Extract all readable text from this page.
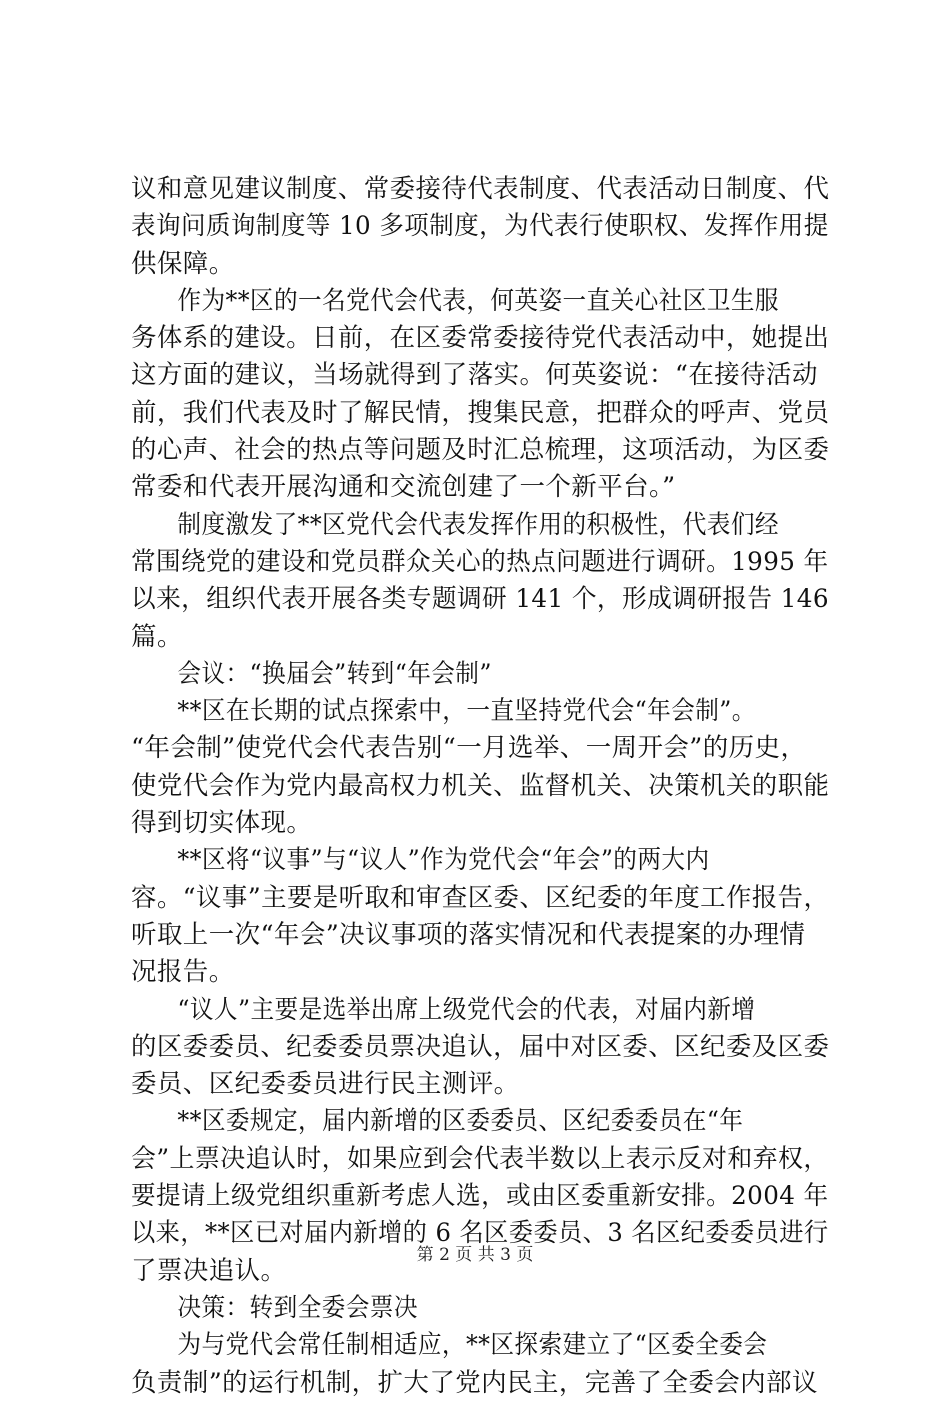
议和意见建议制度、常委接待代表制度、代表活动日制度、代
表询问质询制度等 10 多项制度，为代表行使职权、发挥作用提
供保障。
作为**区的一名党代会代表，何英姿一直关心社区卫生服
务体系的建设。日前，在区委常委接待党代表活动中，她提出
这方面的建议，当场就得到了落实。何英姿说：“在接待活动
前，我们代表及时了解民情，搜集民意，把群众的呼声、党员
的心声、社会的热点等问题及时汇总梳理，这项活动，为区委
常委和代表开展沟通和交流创建了一个新平台。”
制度激发了**区党代会代表发挥作用的积极性，代表们经
常围绕党的建设和党员群众关心的热点问题进行调研。1995 年
以来，组织代表开展各类专题调研 141 个，形成调研报告 146
篇。
会议：“换届会”转到“年会制”
**区在长期的试点探索中，一直坚持党代会“年会制”。
“年会制”使党代会代表告别“一月选举、一周开会”的历史，
使党代会作为党内最高权力机关、监督机关、决策机关的职能
得到切实体现。
**区将“议事”与“议人”作为党代会“年会”的两大内
容。“议事”主要是听取和审查区委、区纪委的年度工作报告，
听取上一次“年会”决议事项的落实情况和代表提案的办理情
况报告。
“议人”主要是选举出席上级党代会的代表，对届内新增
的区委委员、纪委委员票决追认，届中对区委、区纪委及区委
委员、区纪委委员进行民主测评。
**区委规定，届内新增的区委委员、区纪委委员在“年
会”上票决追认时，如果应到会代表半数以上表示反对和弃权，
要提请上级党组织重新考虑人选，或由区委重新安排。2004 年
以来，**区已对届内新增的 6 名区委委员、3 名区纪委委员进行
了票决追认。
决策：转到全委会票决
为与党代会常任制相适应，**区探索建立了“区委全委会
负责制”的运行机制，扩大了党内民主，完善了全委会内部议
第 2 页 共 3 页
